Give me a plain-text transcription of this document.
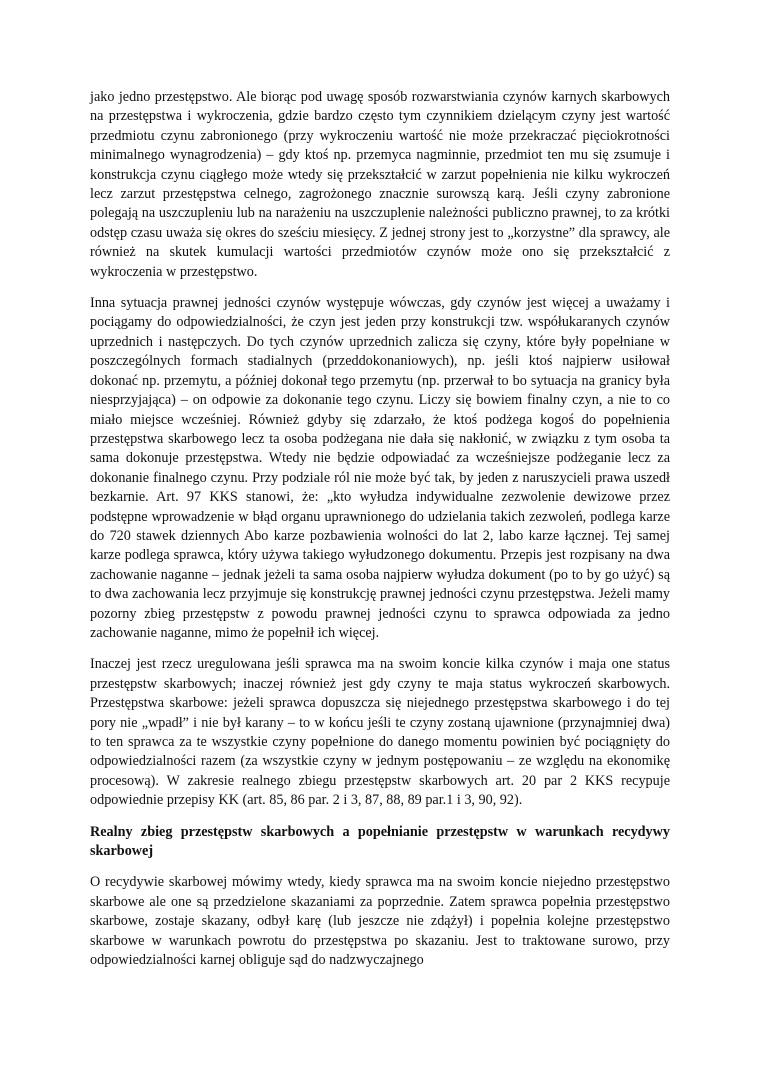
jako jedno przestępstwo. Ale biorąc pod uwagę sposób rozwarstwiania czynów karnych skarbowych na przestępstwa i wykroczenia, gdzie bardzo często tym czynnikiem dzielącym czyny jest wartość przedmiotu czynu zabronionego (przy wykroczeniu wartość nie może przekraczać pięciokrotności minimalnego wynagrodzenia) – gdy ktoś np. przemyca nagminnie, przedmiot ten mu się zsumuje i konstrukcja czynu ciągłego może wtedy się przekształcić w zarzut popełnienia nie kilku wykroczeń lecz zarzut przestępstwa celnego, zagrożonego znacznie surowszą karą. Jeśli czyny zabronione polegają na uszczupleniu lub na narażeniu na uszczuplenie należności publiczno prawnej, to za krótki odstęp czasu uważa się okres do sześciu miesięcy. Z jednej strony jest to „korzystne” dla sprawcy, ale również na skutek kumulacji wartości przedmiotów czynów może ono się przekształcić z wykroczenia w przestępstwo.

Inna sytuacja prawnej jedności czynów występuje wówczas, gdy czynów jest więcej a uważamy i pociągamy do odpowiedzialności, że czyn jest jeden przy konstrukcji tzw. współukaranych czynów uprzednich i następczych. Do tych czynów uprzednich zalicza się czyny, które były popełniane w poszczególnych formach stadialnych (przeddokonaniowych), np. jeśli ktoś najpierw usiłował dokonać np. przemytu, a później dokonał tego przemytu (np. przerwał to bo sytuacja na granicy była niesprzyjająca) – on odpowie za dokonanie tego czynu. Liczy się bowiem finalny czyn, a nie to co miało miejsce wcześniej. Również gdyby się zdarzało, że ktoś podżega kogoś do popełnienia przestępstwa skarbowego lecz ta osoba podżegana nie dała się nakłonić, w związku z tym osoba ta sama dokonuje przestępstwa. Wtedy nie będzie odpowiadać za wcześniejsze podżeganie lecz za dokonanie finalnego czynu. Przy podziale ról nie może być tak, by jeden z naruszycieli prawa uszedł bezkarnie. Art. 97 KKS stanowi, że: „kto wyłudza indywidualne zezwolenie dewizowe przez podstępne wprowadzenie w błąd organu uprawnionego do udzielania takich zezwoleń, podlega karze do 720 stawek dziennych Abo karze pozbawienia wolności do lat 2, labo karze łącznej. Tej samej karze podlega sprawca, który używa takiego wyłudzonego dokumentu. Przepis jest rozpisany na dwa zachowanie naganne – jednak jeżeli ta sama osoba najpierw wyłudza dokument (po to by go użyć) są to dwa zachowania lecz przyjmuje się konstrukcję prawnej jedności czynu przestępstwa. Jeżeli mamy pozorny zbieg przestępstw z powodu prawnej jedności czynu to sprawca odpowiada za jedno zachowanie naganne, mimo że popełnił ich więcej.

Inaczej jest rzecz uregulowana jeśli sprawca ma na swoim koncie kilka czynów i maja one status przestępstw skarbowych; inaczej również jest gdy czyny te maja status wykroczeń skarbowych. Przestępstwa skarbowe: jeżeli sprawca dopuszcza się niejednego przestępstwa skarbowego i do tej pory nie „wpadł” i nie był karany – to w końcu jeśli te czyny zostaną ujawnione (przynajmniej dwa) to ten sprawca za te wszystkie czyny popełnione do danego momentu powinien być pociągnięty do odpowiedzialności razem (za wszystkie czyny w jednym postępowaniu – ze względu na ekonomikę procesową). W zakresie realnego zbiegu przestępstw skarbowych art. 20 par 2 KKS recypuje odpowiednie przepisy KK (art. 85, 86 par. 2 i 3, 87, 88, 89 par.1 i 3, 90, 92).

Realny zbieg przestępstw skarbowych a popełnianie przestępstw w warunkach recydywy skarbowej

O recydywie skarbowej mówimy wtedy, kiedy sprawca ma na swoim koncie niejedno przestępstwo skarbowe ale one są przedzielone skazaniami za poprzednie. Zatem sprawca popełnia przestępstwo skarbowe, zostaje skazany, odbył karę (lub jeszcze nie zdążył) i popełnia kolejne przestępstwo skarbowe w warunkach powrotu do przestępstwa po skazaniu. Jest to traktowane surowo, przy odpowiedzialności karnej obliguje sąd do nadzwyczajnego
